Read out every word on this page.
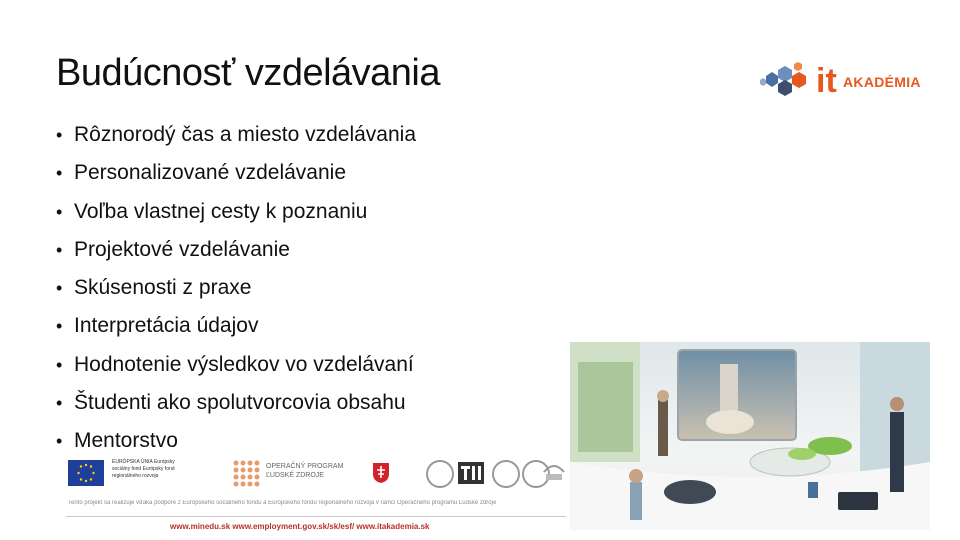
Budúcnosť vzdelávania
• Rôznorodý čas a miesto vzdelávania
• Personalizované vzdelávanie
• Voľba vlastnej cesty k poznaniu
• Projektové vzdelávanie
• Skúsenosti z praxe
• Interpretácia údajov
• Hodnotenie výsledkov vo vzdelávaní
• Študenti ako spolutvorcovia obsahu
• Mentorstvo
it AKADÉMIA
EURÓPSKA ÚNIA Európsky sociálny fond Európsky fond regionálneho rozvoja
OPERAČNÝ PROGRAM
ĽUDSKÉ ZDROJE
Tento projekt sa realizuje vďaka podpore z Európskeho sociálneho fondu a Európskeho fondu regionálneho rozvoja v rámci Operačného programu Ľudské zdroje
www.minedu.sk www.employment.gov.sk/sk/esf/ www.itakademia.sk
